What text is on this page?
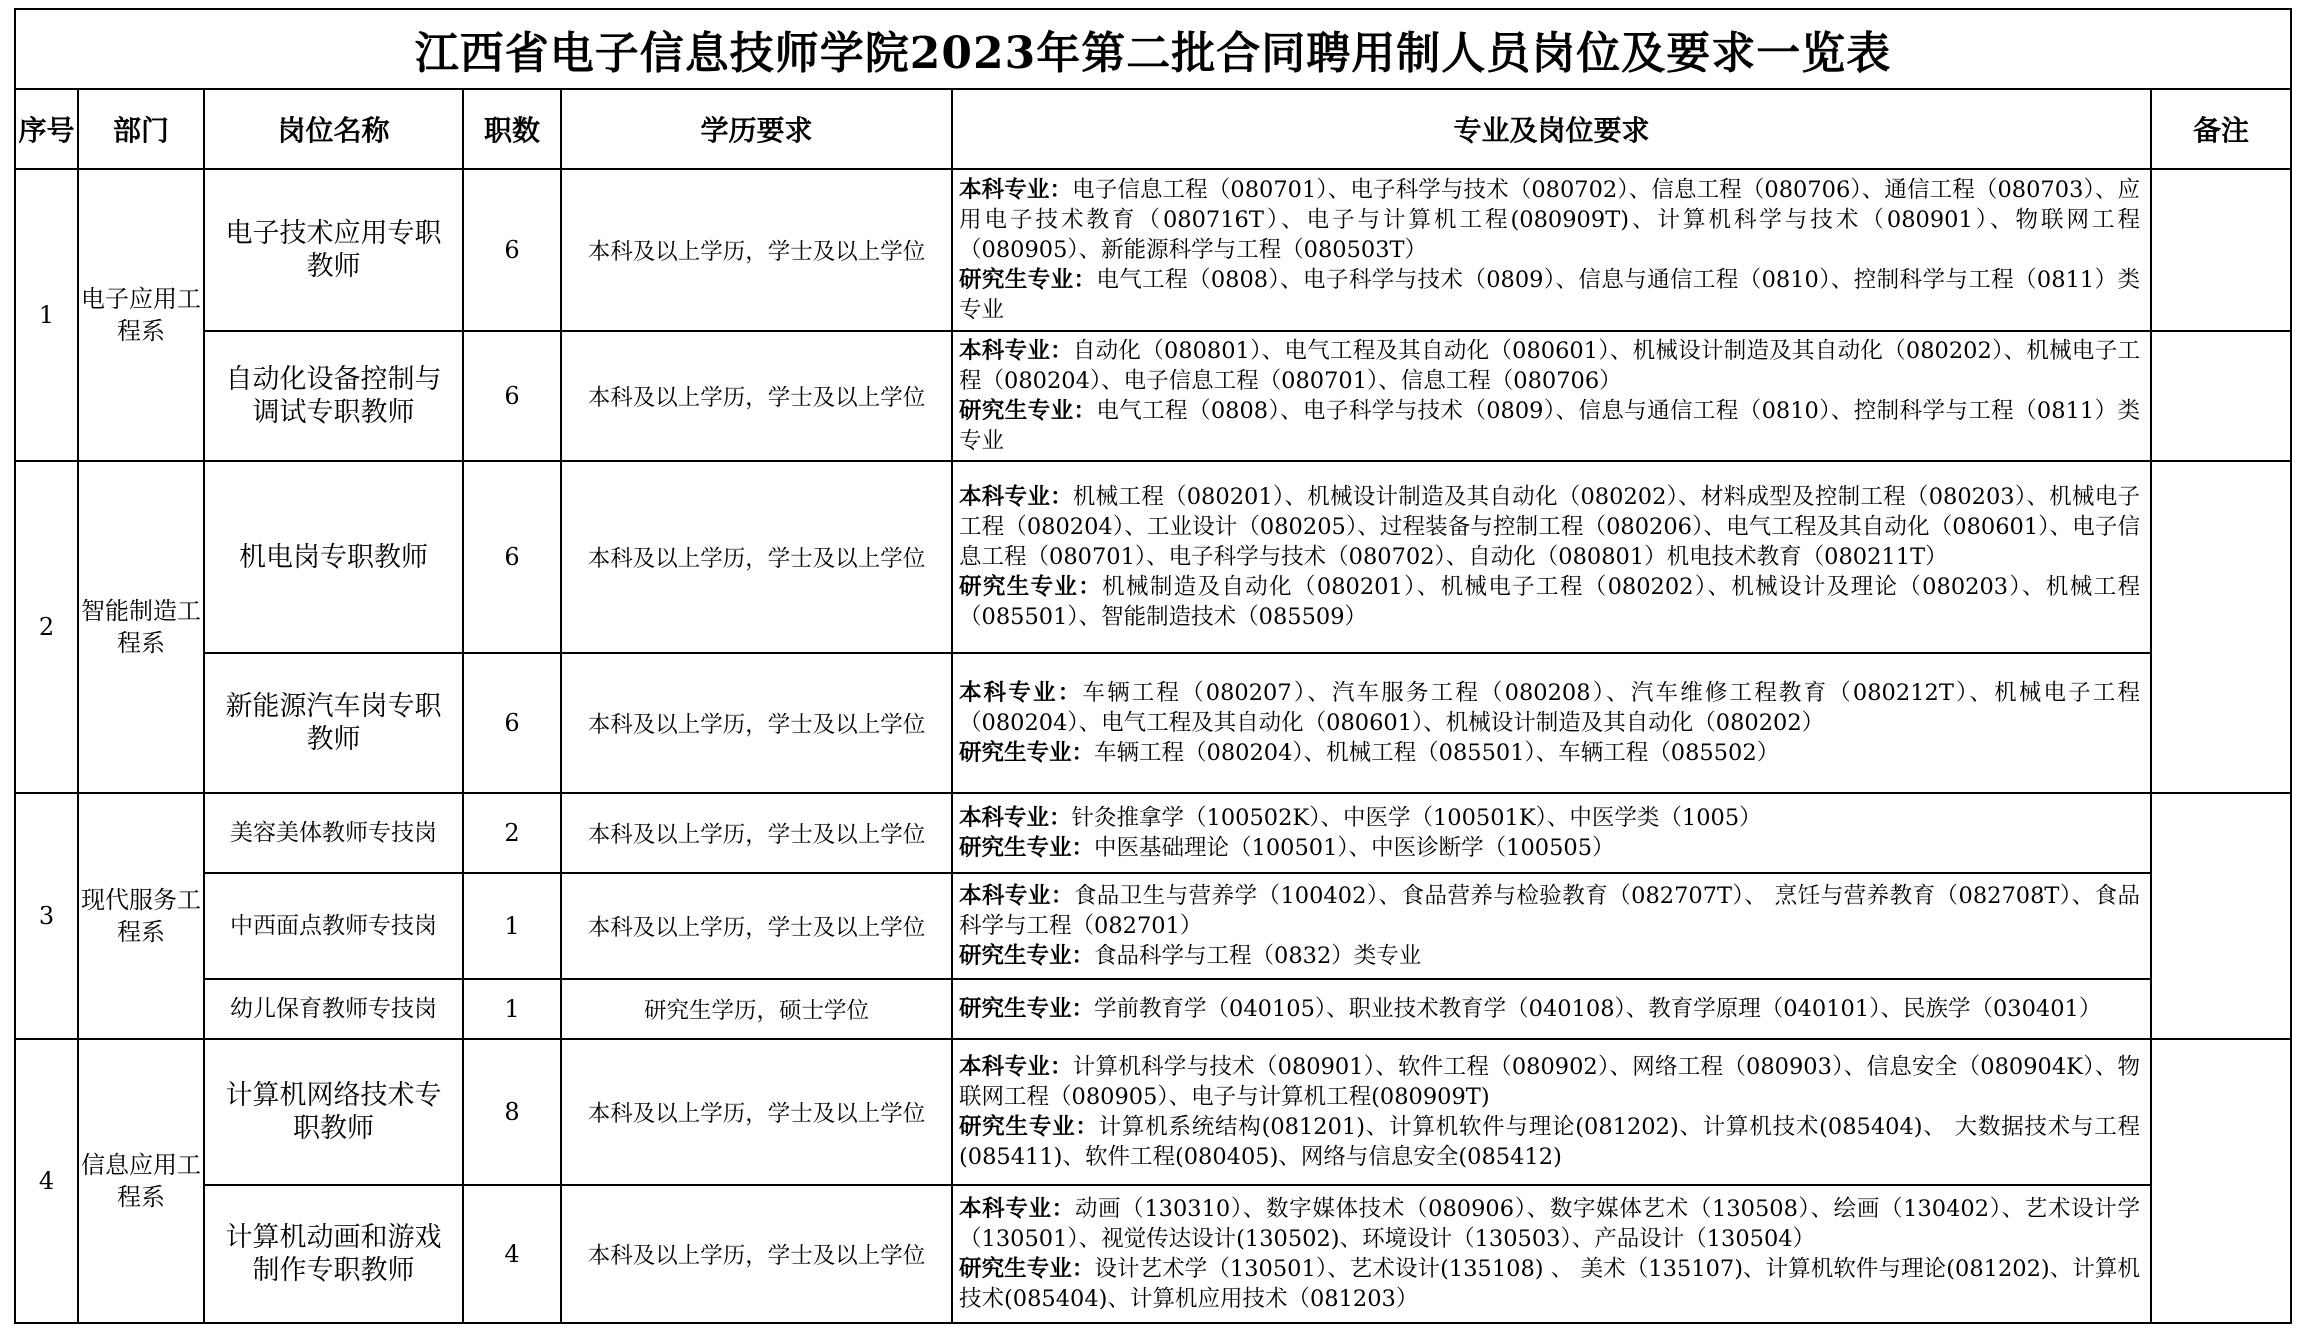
江西省电子信息技师学院2023年第二批合同聘用制人员岗位及要求一览表						
序号	部门	岗位名称	职数	学历要求	专业及岗位要求	备注
1	电子应用工程系	电子技术应用专职教师	6	本科及以上学历，学士及以上学位	本科专业：电子信息工程（080701）、电子科学与技术（080702）、信息工程（080706）、通信工程（080703）、应用电子技术教育（080716T）、电子与计算机工程(080909T)、计算机科学与技术（080901）、物联网工程（080905）、新能源科学与工程（080503T）
研究生专业：电气工程（0808）、电子科学与技术（0809）、信息与通信工程（0810）、控制科学与工程（0811）类专业	

		自动化设备控制与调试专职教师	6	本科及以上学历，学士及以上学位	本科专业：自动化（080801）、电气工程及其自动化（080601）、机械设计制造及其自动化（080202）、机械电子工程（080204）、电子信息工程（080701）、信息工程（080706）
研究生专业：电气工程（0808）、电子科学与技术（0809）、信息与通信工程（0810）、控制科学与工程（0811）类专业	

2	智能制造工程系	机电岗专职教师	6	本科及以上学历，学士及以上学位	本科专业：机械工程（080201）、机械设计制造及其自动化（080202）、材料成型及控制工程（080203）、机械电子工程（080204）、工业设计（080205）、过程装备与控制工程（080206）、电气工程及其自动化（080601）、电子信息工程（080701）、电子科学与技术（080702）、自动化（080801）机电技术教育（080211T）
研究生专业：机械制造及自动化（080201）、机械电子工程（080202）、机械设计及理论（080203）、机械工程（085501）、智能制造技术（085509）	

		新能源汽车岗专职教师	6	本科及以上学历，学士及以上学位	本科专业：车辆工程（080207）、汽车服务工程（080208）、汽车维修工程教育（080212T）、机械电子工程（080204）、电气工程及其自动化（080601）、机械设计制造及其自动化（080202）
研究生专业：车辆工程（080204）、机械工程（085501）、车辆工程（085502）	

3	现代服务工程系	美容美体教师专技岗	2	本科及以上学历，学士及以上学位	本科专业：针灸推拿学（100502K）、中医学（100501K）、中医学类（1005）
研究生专业：中医基础理论（100501）、中医诊断学（100505）	

		中西面点教师专技岗	1	本科及以上学历，学士及以上学位	本科专业：食品卫生与营养学（100402）、食品营养与检验教育（082707T）、 烹饪与营养教育（082708T）、食品科学与工程（082701）
研究生专业：食品科学与工程（0832）类专业	

		幼儿保育教师专技岗	1	研究生学历，硕士学位	研究生专业：学前教育学（040105）、职业技术教育学（040108）、教育学原理（040101）、民族学（030401）	

4	信息应用工程系	计算机网络技术专职教师	8	本科及以上学历，学士及以上学位	本科专业：计算机科学与技术（080901）、软件工程（080902）、网络工程（080903）、信息安全（080904K）、物联网工程（080905）、电子与计算机工程(080909T)
研究生专业：计算机系统结构(081201)、计算机软件与理论(081202)、计算机技术(085404)、 大数据技术与工程(085411)、软件工程(080405)、网络与信息安全(085412)	

		计算机动画和游戏制作专职教师	4	本科及以上学历，学士及以上学位	本科专业：动画（130310）、数字媒体技术（080906）、数字媒体艺术（130508）、绘画（130402）、艺术设计学（130501）、视觉传达设计(130502)、环境设计（130503）、产品设计（130504）
研究生专业：设计艺术学（130501）、艺术设计(135108) 、 美术（135107)、计算机软件与理论(081202)、计算机技术(085404)、计算机应用技术（081203）	
